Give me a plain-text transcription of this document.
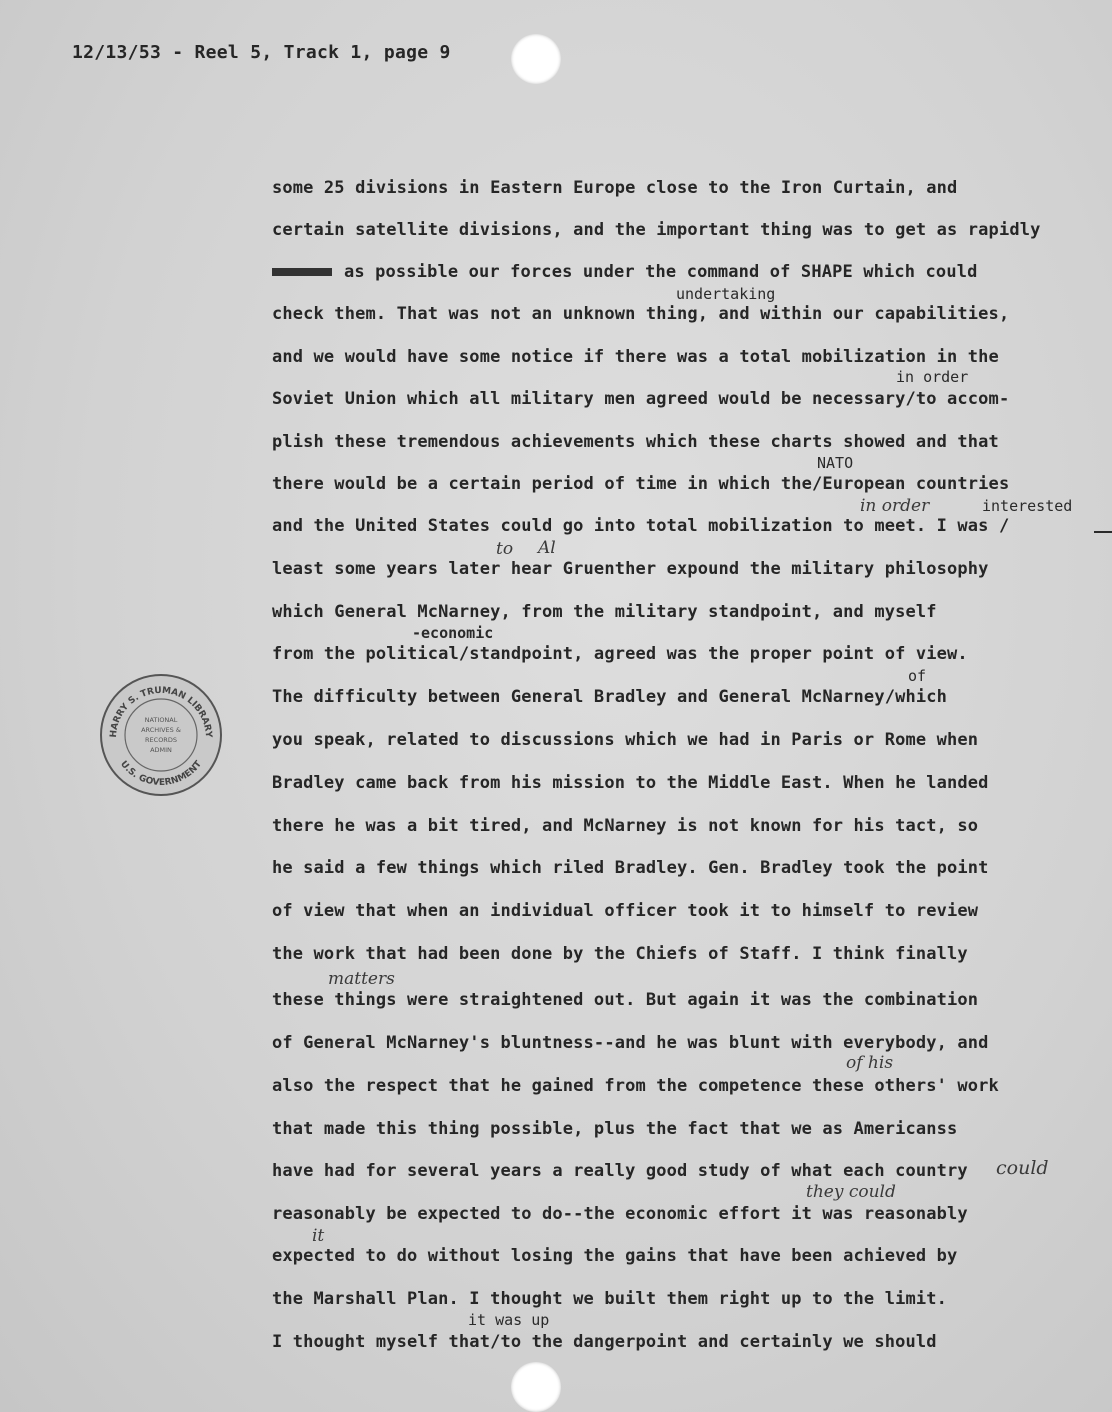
12/13/53 - Reel 5, Track 1, page 9
some 25 divisions in Eastern Europe close to the Iron Curtain, and
certain satellite divisions, and the important thing was to get as rapidly
as possible our forces under the command of SHAPE which could
check them. That was not an unknown thing, and within our capabilities,
and we would have some notice if there was a total mobilization in the
Soviet Union which all military men agreed would be necessary/to accom-
plish these tremendous achievements which these charts showed and that
there would be a certain period of time in which the/European countries
and the United States could go into total mobilization to meet. I was /
least some years later hear Gruenther expound the military philosophy
which General McNarney, from the military standpoint, and myself
from the political/standpoint, agreed was the proper point of view.
The difficulty between General Bradley and General McNarney/which
you speak, related to discussions which we had in Paris or Rome when
Bradley came back from his mission to the Middle East. When he landed
there he was a bit tired, and McNarney is not known for his tact, so
he said a few things which riled Bradley. Gen. Bradley took the point
of view that when an individual officer took it to himself to review
the work that had been done by the Chiefs of Staff. I think finally
these things were straightened out. But again it was the combination
of General McNarney's bluntness--and he was blunt with everybody, and
also the respect that he gained from the competence these others' work
that made this thing possible, plus the fact that we as Americanss
have had for several years a really good study of what each country
reasonably be expected to do--the economic effort it was reasonably
expected to do without losing the gains that have been achieved by
the Marshall Plan. I thought we built them right up to the limit.
I thought myself that/to the dangerpoint and certainly we should
undertaking
in order
NATO
interested
-economic
of
it was up
in order
to Al
matters
of his
could
they could
it
HARRY S. TRUMAN LIBRARY
U.S. GOVERNMENT
NATIONAL
ARCHIVES &
RECORDS
ADMIN
